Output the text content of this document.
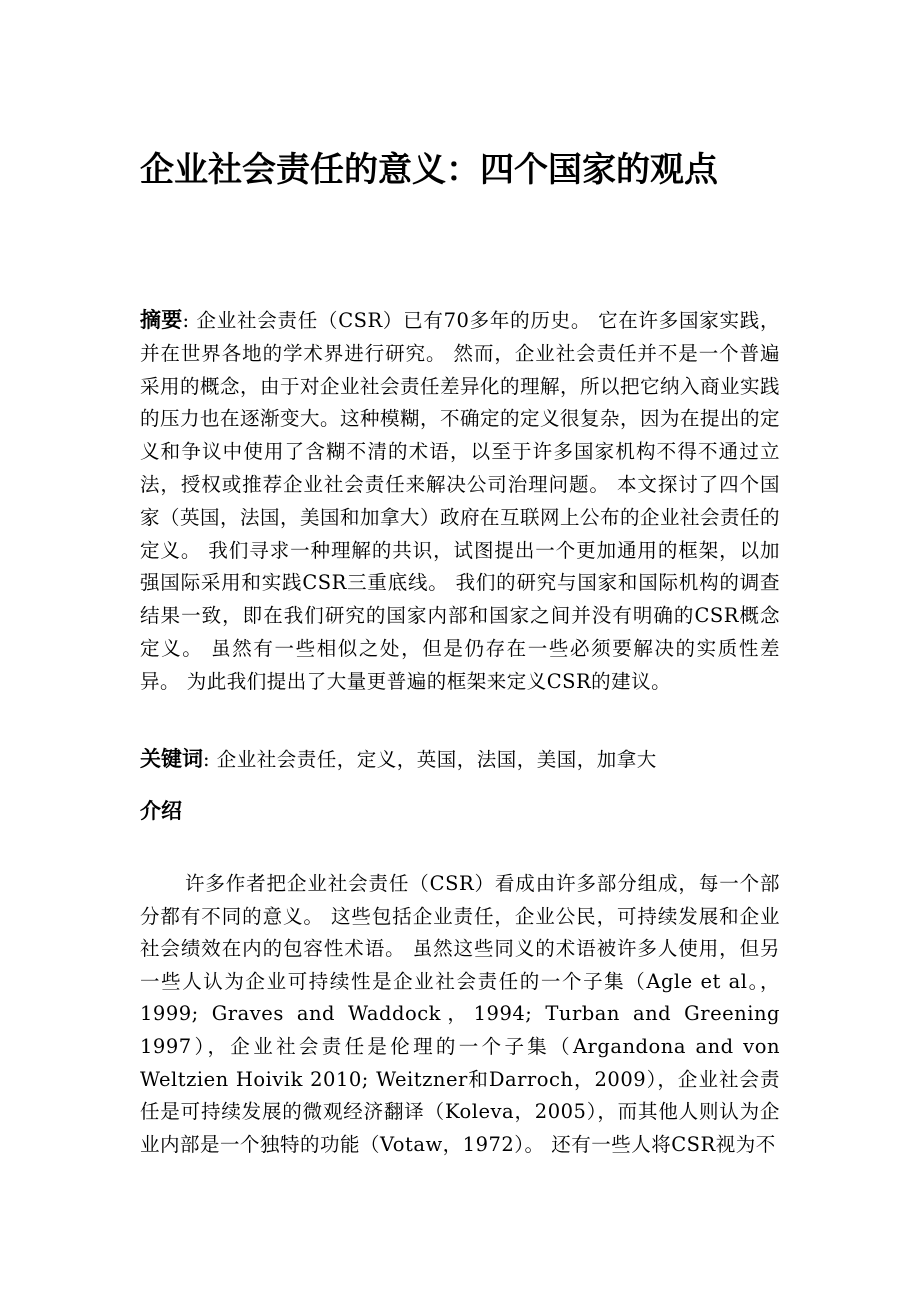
企业社会责任的意义：四个国家的观点

摘要: 企业社会责任（CSR）已有70多年的历史。 它在许多国家实践，并在世界各地的学术界进行研究。 然而，企业社会责任并不是一个普遍采用的概念，由于对企业社会责任差异化的理解，所以把它纳入商业实践的压力也在逐渐变大。这种模糊，不确定的定义很复杂，因为在提出的定义和争议中使用了含糊不清的术语，以至于许多国家机构不得不通过立法，授权或推荐企业社会责任来解决公司治理问题。 本文探讨了四个国家（英国，法国，美国和加拿大）政府在互联网上公布的企业社会责任的定义。 我们寻求一种理解的共识，试图提出一个更加通用的框架，以加强国际采用和实践CSR三重底线。 我们的研究与国家和国际机构的调查结果一致，即在我们研究的国家内部和国家之间并没有明确的CSR概念定义。 虽然有一些相似之处，但是仍存在一些必须要解决的实质性差异。 为此我们提出了大量更普遍的框架来定义CSR的建议。

关键词: 企业社会责任，定义，英国，法国，美国，加拿大

介绍

许多作者把企业社会责任（CSR）看成由许多部分组成，每一个部分都有不同的意义。 这些包括企业责任，企业公民，可持续发展和企业社会绩效在内的包容性术语。 虽然这些同义的术语被许多人使用，但另一些人认为企业可持续性是企业社会责任的一个子集（Agle et al。，1999; Graves and Waddock，1994; Turban and Greening 1997），企业社会责任是伦理的一个子集（Argandona and von Weltzien Hoivik 2010; Weitzner和Darroch，2009），企业社会责任是可持续发展的微观经济翻译（Koleva，2005），而其他人则认为企业内部是一个独特的功能（Votaw，1972）。 还有一些人将CSR视为不
